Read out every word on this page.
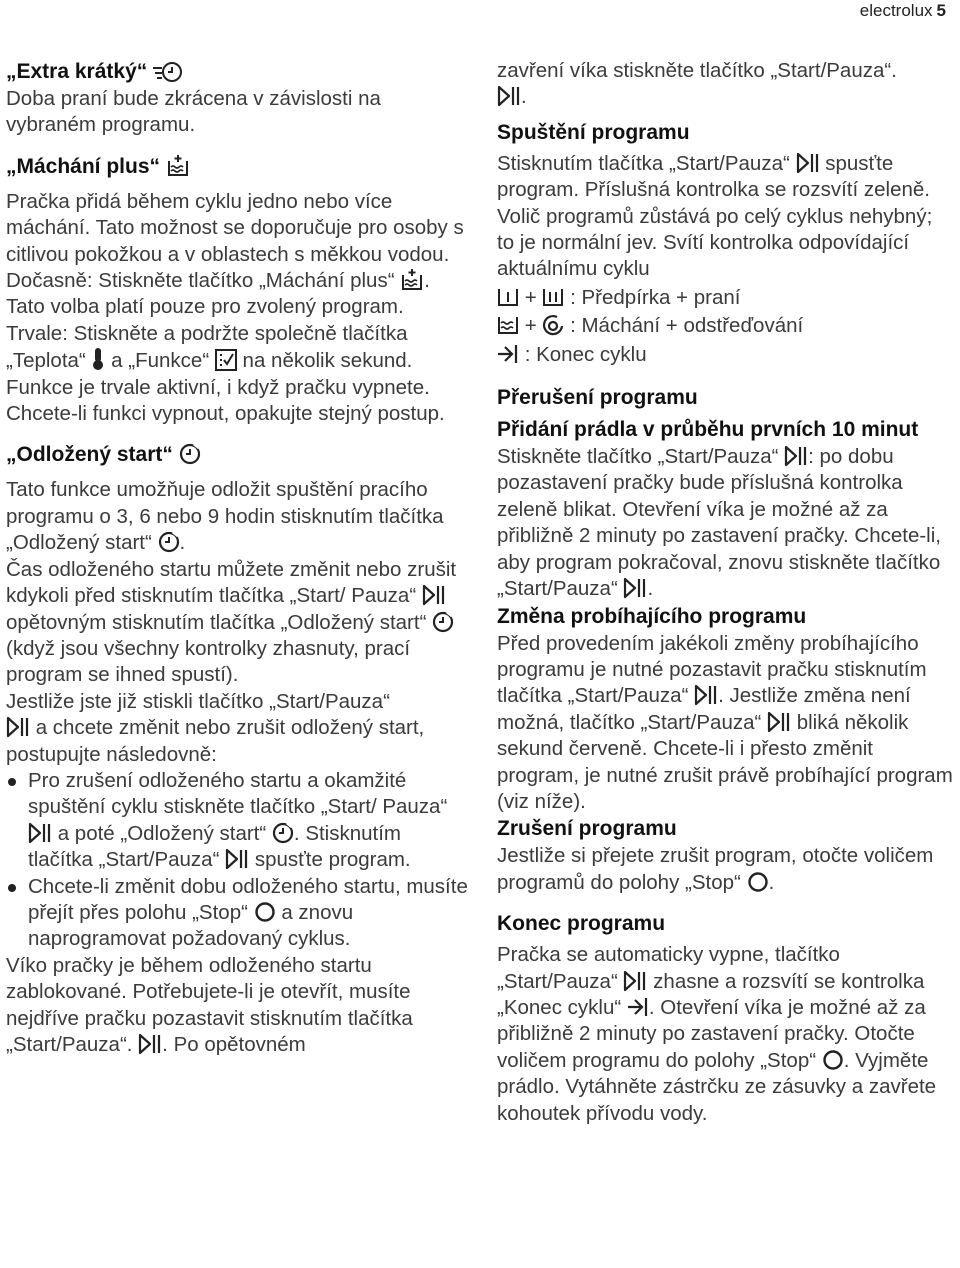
electrolux 5

„Extra krátký“

Doba praní bude zkrácena v závislosti na vybraném programu.

„Máchání plus“

Pračka přidá během cyklu jedno nebo více máchání. Tato možnost se doporučuje pro osoby s citlivou pokožkou a v oblastech s měkkou vodou.

Dočasně: Stiskněte tlačítko „Máchání plus“ . Tato volba platí pouze pro zvolený program.

Trvale: Stiskněte a podržte společně tlačítka „Teplota“  a „Funkce“  na několik sekund. Funkce je trvale aktivní, i když pračku vypnete. Chcete-li funkci vypnout, opakujte stejný postup.

„Odložený start“

Tato funkce umožňuje odložit spuštění pracího programu o 3, 6 nebo 9 hodin stisknutím tlačítka „Odložený start“ .

Čas odloženého startu můžete změnit nebo zrušit kdykoli před stisknutím tlačítka „Start/ Pauza“  opětovným stisknutím tlačítka „Odložený start“  (když jsou všechny kontrolky zhasnuty, prací program se ihned spustí).

Jestliže jste již stiskli tlačítko „Start/Pauza“
a chcete změnit nebo zrušit odložený start, postupujte následovně:

Pro zrušení odloženého startu a okamžité spuštění cyklu stiskněte tlačítko „Start/ Pauza“  a poté „Odložený start“ . Stisknutím tlačítka „Start/Pauza“  spusťte program.
Chcete-li změnit dobu odloženého startu, musíte přejít přes polohu „Stop“  a znovu naprogramovat požadovaný cyklus.

Víko pračky je během odloženého startu zablokované. Potřebujete-li je otevřít, musíte nejdříve pračku pozastavit stisknutím tlačítka „Start/Pauza“. . Po opětovném

zavření víka stiskněte tlačítko „Start/Pauza“.
.

Spuštění programu

Stisknutím tlačítka „Start/Pauza“  spusťte program. Příslušná kontrolka se rozsvítí zeleně.

Volič programů zůstává po celý cyklus nehybný; to je normální jev. Svítí kontrolka odpovídající aktuálnímu cyklu

+ : Předpírka + praní

+ : Máchání + odstřeďování

: Konec cyklu

Přerušení programu

Přidání prádla v průběhu prvních 10 minut

Stiskněte tlačítko „Start/Pauza“ : po dobu pozastavení pračky bude příslušná kontrolka zeleně blikat. Otevření víka je možné až za přibližně 2 minuty po zastavení pračky. Chcete-li, aby program pokračoval, znovu stiskněte tlačítko „Start/Pauza“ .

Změna probíhajícího programu

Před provedením jakékoli změny probíhajícího programu je nutné pozastavit pračku stisknutím tlačítka „Start/Pauza“ . Jestliže změna není možná, tlačítko „Start/Pauza“  bliká několik sekund červeně. Chcete-li i přesto změnit program, je nutné zrušit právě probíhající program (viz níže).

Zrušení programu

Jestliže si přejete zrušit program, otočte voličem programů do polohy „Stop“ .

Konec programu

Pračka se automaticky vypne, tlačítko „Start/Pauza“  zhasne a rozsvítí se kontrolka „Konec cyklu“ . Otevření víka je možné až za přibližně 2 minuty po zastavení pračky. Otočte voličem programu do polohy „Stop“ . Vyjměte prádlo. Vytáhněte zástrčku ze zásuvky a zavřete kohoutek přívodu vody.
